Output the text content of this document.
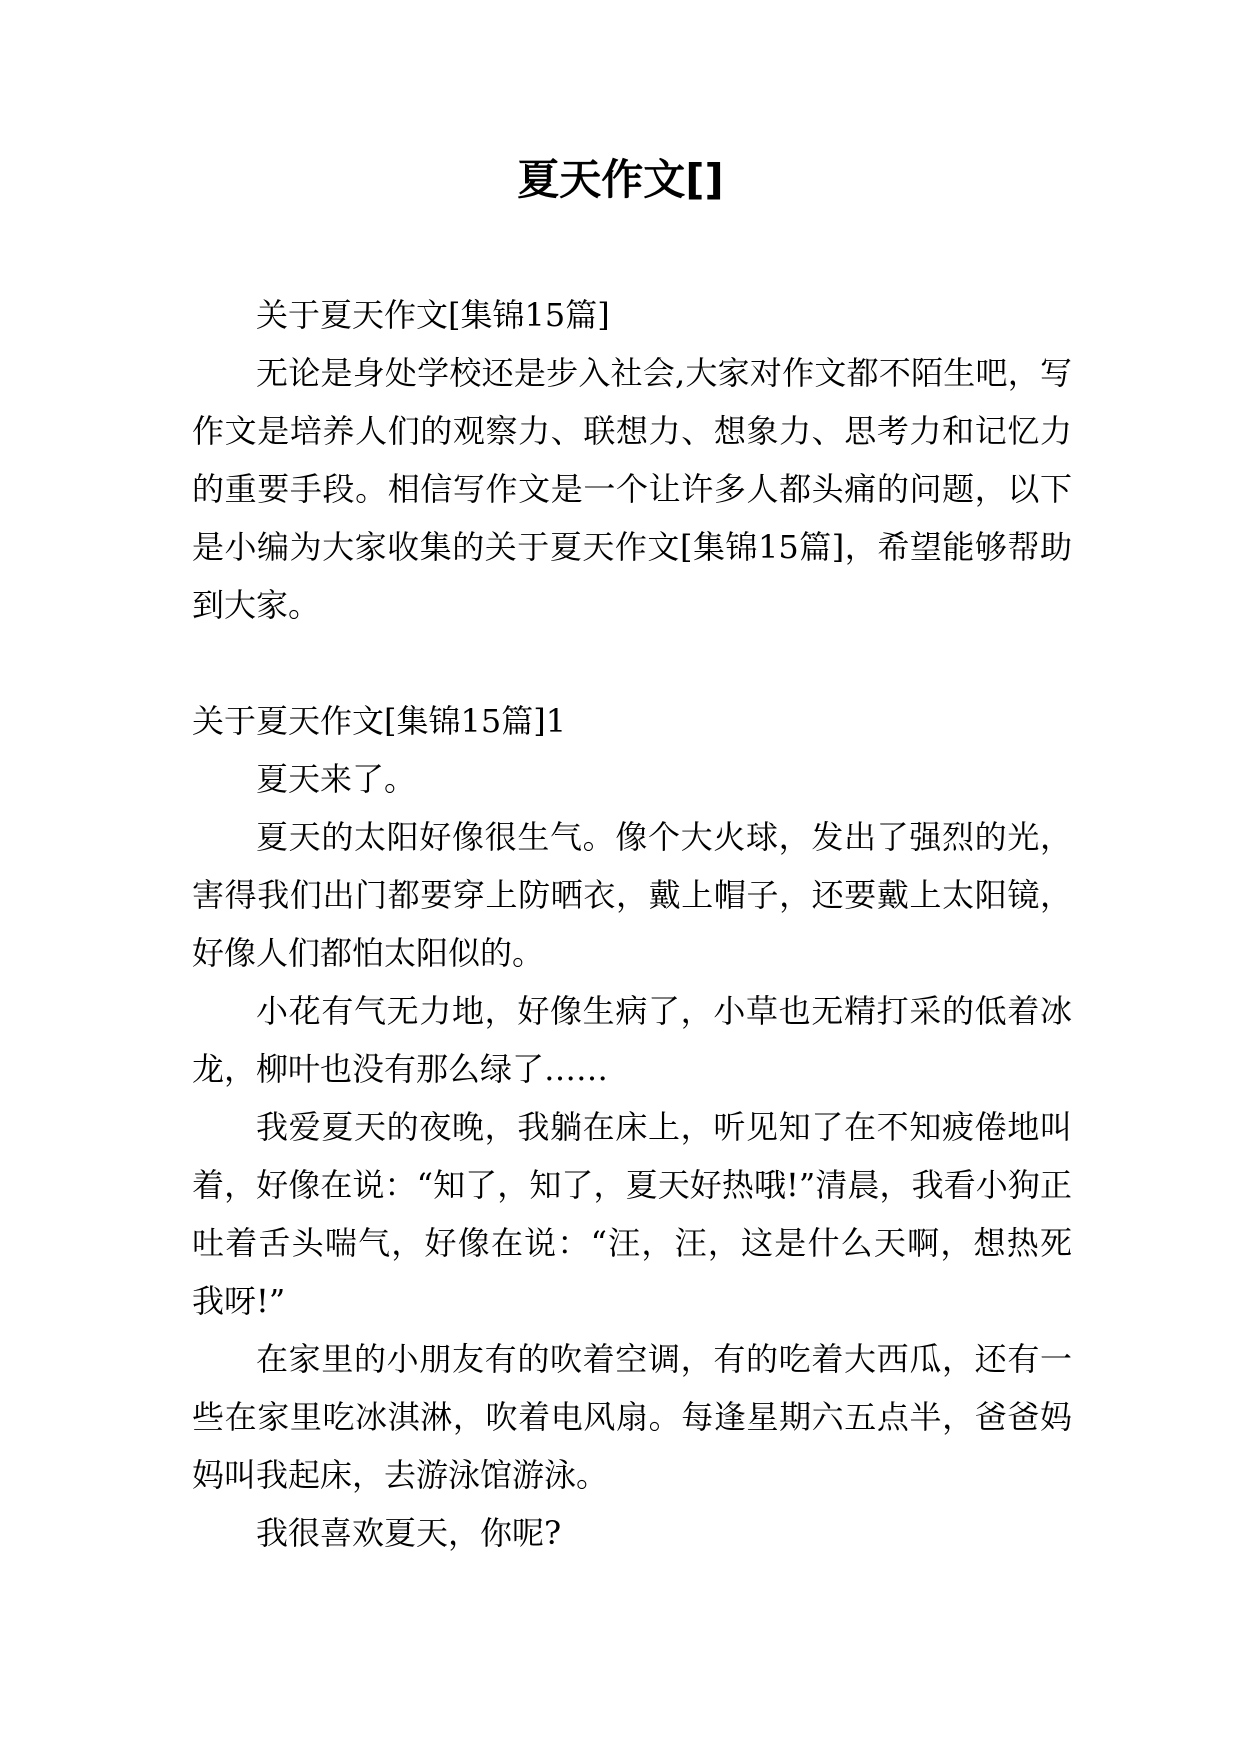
夏天作文[]

关于夏天作文[集锦15篇]

无论是身处学校还是步入社会,大家对作文都不陌生吧，写作文是培养人们的观察力、联想力、想象力、思考力和记忆力的重要手段。相信写作文是一个让许多人都头痛的问题，以下是小编为大家收集的关于夏天作文[集锦15篇]，希望能够帮助到大家。

关于夏天作文[集锦15篇]1

夏天来了。

夏天的太阳好像很生气。像个大火球，发出了强烈的光，害得我们出门都要穿上防晒衣，戴上帽子，还要戴上太阳镜，好像人们都怕太阳似的。

小花有气无力地，好像生病了，小草也无精打采的低着冰龙，柳叶也没有那么绿了……

我爱夏天的夜晚，我躺在床上，听见知了在不知疲倦地叫着，好像在说：“知了，知了，夏天好热哦!”清晨，我看小狗正吐着舌头喘气，好像在说：“汪，汪，这是什么天啊，想热死我呀!”

在家里的小朋友有的吹着空调，有的吃着大西瓜，还有一些在家里吃冰淇淋，吹着电风扇。每逢星期六五点半，爸爸妈妈叫我起床，去游泳馆游泳。

我很喜欢夏天，你呢?
